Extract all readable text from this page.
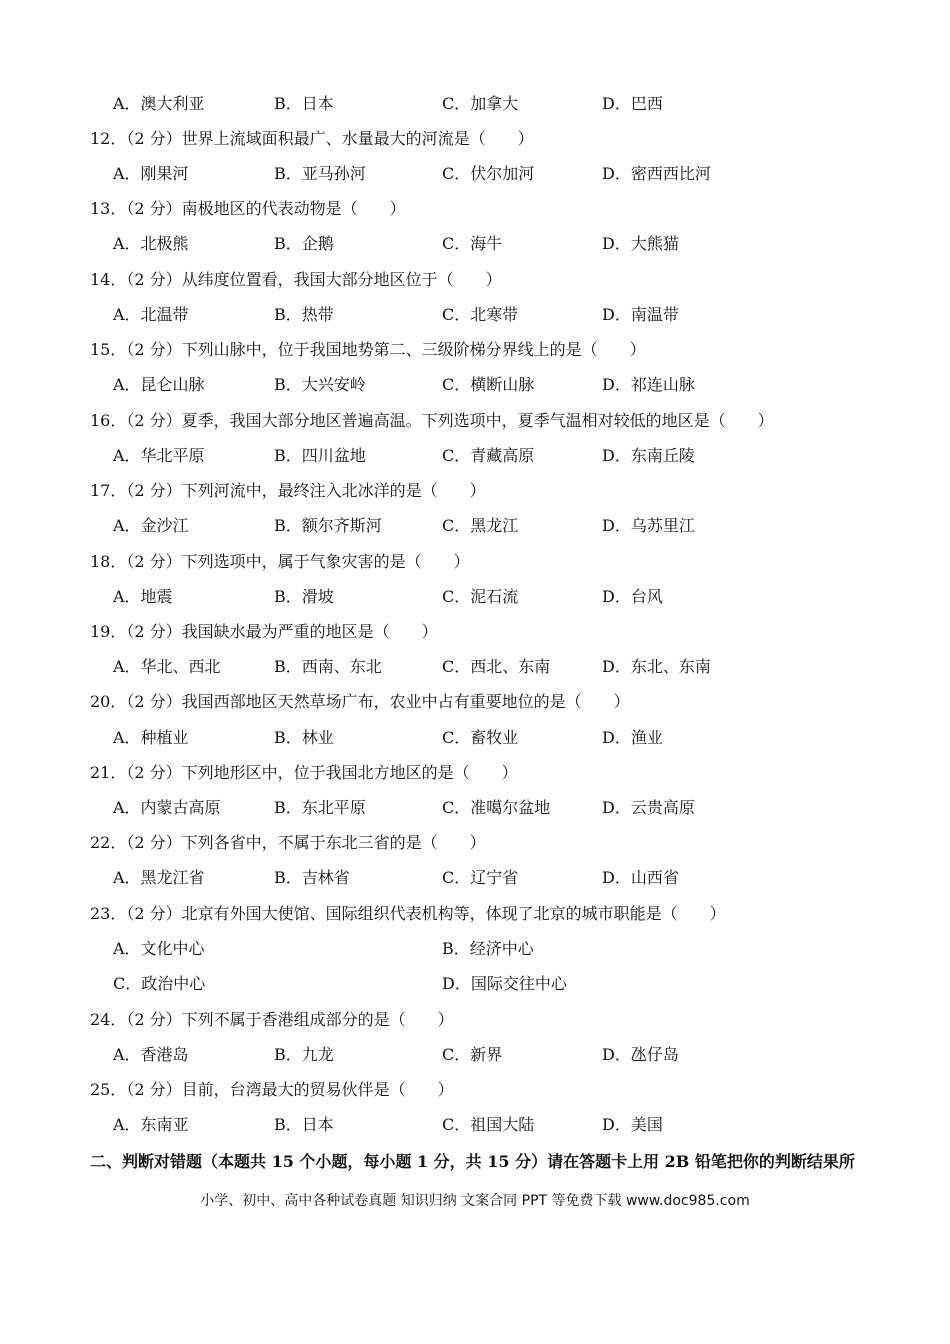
A．澳大利亚	B．日本	C．加拿大	D．巴西
12．（2 分）世界上流域面积最广、水量最大的河流是（　　）
A．刚果河	B．亚马孙河	C．伏尔加河	D．密西西比河
13．（2 分）南极地区的代表动物是（　　）
A．北极熊	B．企鹅	C．海牛	D．大熊猫
14．（2 分）从纬度位置看，我国大部分地区位于（　　）
A．北温带	B．热带	C．北寒带	D．南温带
15．（2 分）下列山脉中，位于我国地势第二、三级阶梯分界线上的是（　　）
A．昆仑山脉	B．大兴安岭	C．横断山脉	D．祁连山脉
16．（2 分）夏季，我国大部分地区普遍高温。下列选项中，夏季气温相对较低的地区是（　　）
A．华北平原	B．四川盆地	C．青藏高原	D．东南丘陵
17．（2 分）下列河流中，最终注入北冰洋的是（　　）
A．金沙江	B．额尔齐斯河	C．黑龙江	D．乌苏里江
18．（2 分）下列选项中，属于气象灾害的是（　　）
A．地震	B．滑坡	C．泥石流	D．台风
19．（2 分）我国缺水最为严重的地区是（　　）
A．华北、西北	B．西南、东北	C．西北、东南	D．东北、东南
20．（2 分）我国西部地区天然草场广布，农业中占有重要地位的是（　　）
A．种植业	B．林业	C．畜牧业	D．渔业
21．（2 分）下列地形区中，位于我国北方地区的是（　　）
A．内蒙古高原	B．东北平原	C．准噶尔盆地	D．云贵高原
22．（2 分）下列各省中，不属于东北三省的是（　　）
A．黑龙江省	B．吉林省	C．辽宁省	D．山西省
23．（2 分）北京有外国大使馆、国际组织代表机构等，体现了北京的城市职能是（　　）
A．文化中心	B．经济中心
C．政治中心	D．国际交往中心
24．（2 分）下列不属于香港组成部分的是（　　）
A．香港岛	B．九龙	C．新界	D．氹仔岛
25．（2 分）目前，台湾最大的贸易伙伴是（　　）
A．东南亚	B．日本	C．祖国大陆	D．美国
二、判断对错题（本题共 15 个小题，每小题 1 分，共 15 分）请在答题卡上用 2B 铅笔把你的判断结果所
小学、初中、高中各种试卷真题 知识归纳 文案合同 PPT 等免费下载 www.doc985.com
